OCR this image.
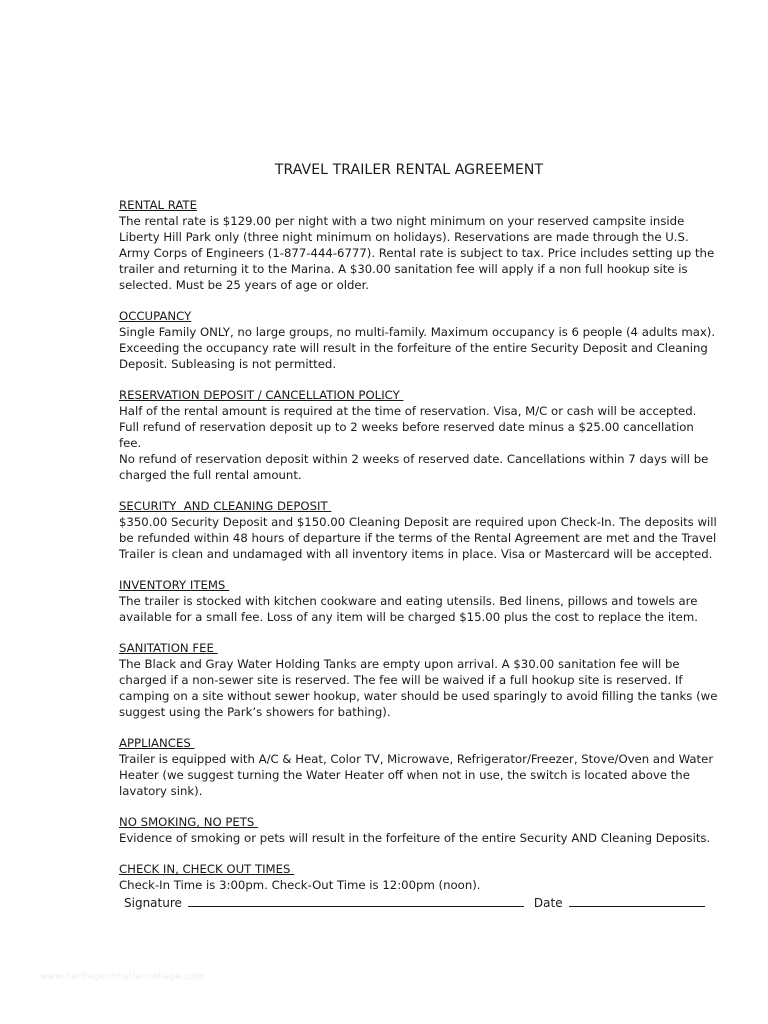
TRAVEL TRAILER RENTAL AGREEMENT
RENTAL RATE

The rental rate is $129.00 per night with a two night minimum on your reserved campsite inside Liberty Hill Park only (three night minimum on holidays). Reservations are made through the U.S. Army Corps of Engineers (1-877-444-6777). Rental rate is subject to tax. Price includes setting up the trailer and returning it to the Marina. A $30.00 sanitation fee will apply if a non full hookup site is selected. Must be 25 years of age or older.

OCCUPANCY

Single Family ONLY, no large groups, no multi-family. Maximum occupancy is 6 people (4 adults max). Exceeding the occupancy rate will result in the forfeiture of the entire Security Deposit and Cleaning Deposit. Subleasing is not permitted.

RESERVATION DEPOSIT / CANCELLATION POLICY

Half of the rental amount is required at the time of reservation. Visa, M/C or cash will be accepted. Full refund of reservation deposit up to 2 weeks before reserved date minus a $25.00 cancellation fee.

No refund of reservation deposit within 2 weeks of reserved date. Cancellations within 7 days will be charged the full rental amount.

SECURITY  AND CLEANING DEPOSIT

$350.00 Security Deposit and $150.00 Cleaning Deposit are required upon Check-In. The deposits will be refunded within 48 hours of departure if the terms of the Rental Agreement are met and the Travel Trailer is clean and undamaged with all inventory items in place. Visa or Mastercard will be accepted.

INVENTORY ITEMS

The trailer is stocked with kitchen cookware and eating utensils. Bed linens, pillows and towels are available for a small fee. Loss of any item will be charged $15.00 plus the cost to replace the item.

SANITATION FEE

The Black and Gray Water Holding Tanks are empty upon arrival. A $30.00 sanitation fee will be charged if a non-sewer site is reserved. The fee will be waived if a full hookup site is reserved. If camping on a site without sewer hookup, water should be used sparingly to avoid filling the tanks (we suggest using the Park’s showers for bathing).

APPLIANCES

Trailer is equipped with A/C & Heat, Color TV, Microwave, Refrigerator/Freezer, Stove/Oven and Water Heater (we suggest turning the Water Heater off when not in use, the switch is located above the lavatory sink).

NO SMOKING, NO PETS

Evidence of smoking or pets will result in the forfeiture of the entire Security AND Cleaning Deposits.

CHECK IN, CHECK OUT TIMES

Check-In Time is 3:00pm. Check-Out Time is 12:00pm (noon).

Signature	Date
www.heritagechristiancollege.com
